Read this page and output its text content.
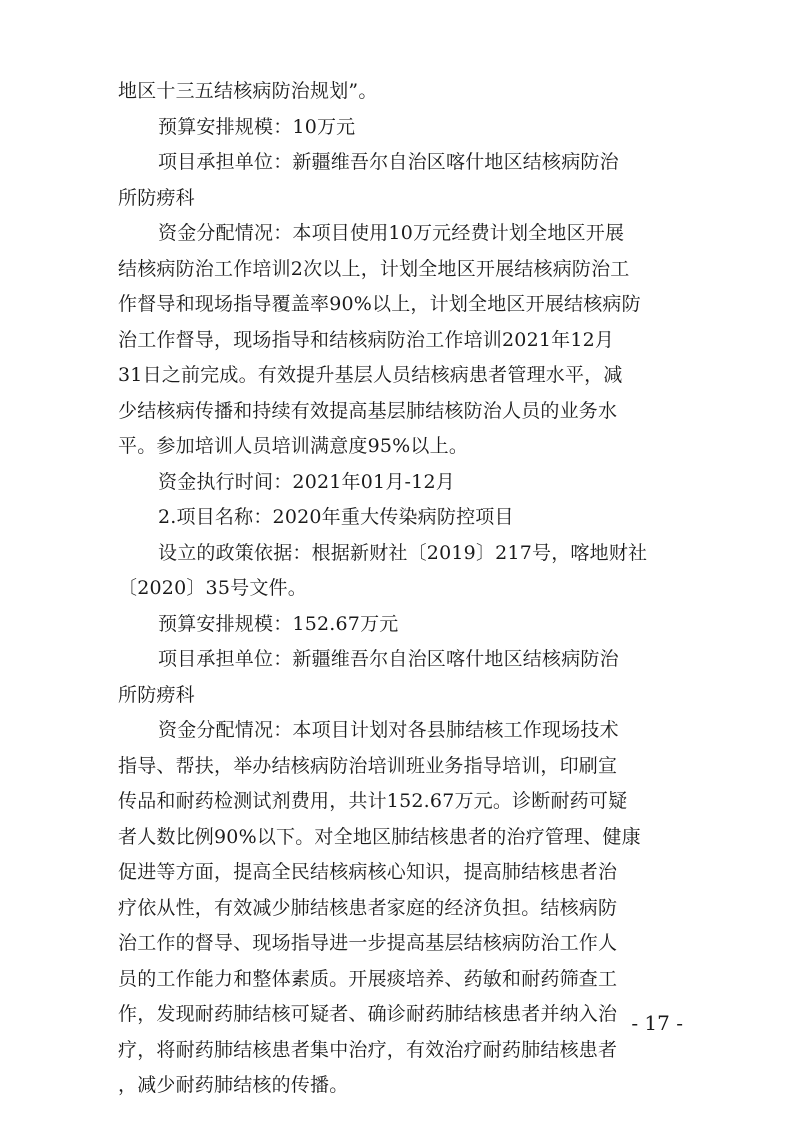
地区十三五结核病防治规划”。
预算安排规模：10万元
项目承担单位：新疆维吾尔自治区喀什地区结核病防治
所防痨科
资金分配情况：本项目使用10万元经费计划全地区开展
结核病防治工作培训2次以上，计划全地区开展结核病防治工
作督导和现场指导覆盖率90%以上，计划全地区开展结核病防
治工作督导，现场指导和结核病防治工作培训2021年12月
31日之前完成。有效提升基层人员结核病患者管理水平，减
少结核病传播和持续有效提高基层肺结核防治人员的业务水
平。参加培训人员培训满意度95%以上。
资金执行时间：2021年01月-12月
2.项目名称：2020年重大传染病防控项目
设立的政策依据：根据新财社〔2019〕217号，喀地财社
〔2020〕35号文件。
预算安排规模：152.67万元
项目承担单位：新疆维吾尔自治区喀什地区结核病防治
所防痨科
资金分配情况：本项目计划对各县肺结核工作现场技术
指导、帮扶，举办结核病防治培训班业务指导培训，印刷宣
传品和耐药检测试剂费用，共计152.67万元。诊断耐药可疑
者人数比例90%以下。对全地区肺结核患者的治疗管理、健康
促进等方面，提高全民结核病核心知识，提高肺结核患者治
疗依从性，有效减少肺结核患者家庭的经济负担。结核病防
治工作的督导、现场指导进一步提高基层结核病防治工作人
员的工作能力和整体素质。开展痰培养、药敏和耐药筛查工
作，发现耐药肺结核可疑者、确诊耐药肺结核患者并纳入治
疗，将耐药肺结核患者集中治疗，有效治疗耐药肺结核患者
，减少耐药肺结核的传播。
- 17 -
